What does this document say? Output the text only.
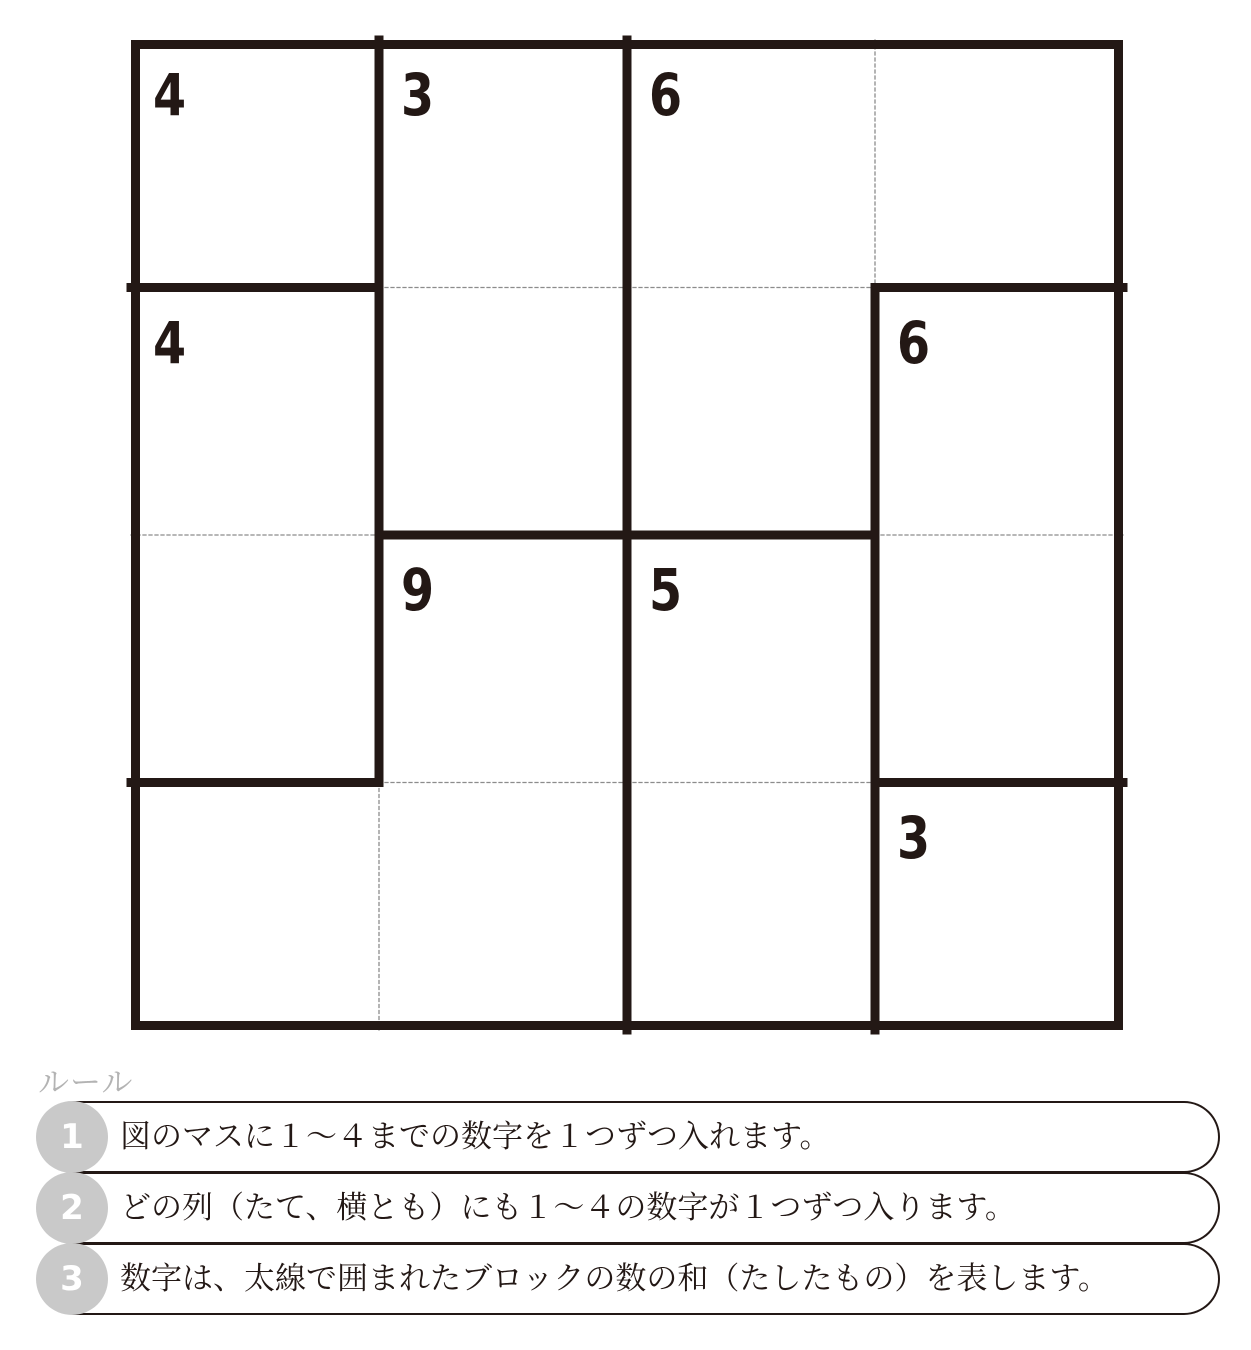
4	3	6
4	6
9	5
3
ルール
1	図のマスに１～４までの数字を１つずつ入れます。
2	どの列（たて、横とも）にも１～４の数字が１つずつ入ります。
3	数字は、太線で囲まれたブロックの数の和（たしたもの）を表します。
